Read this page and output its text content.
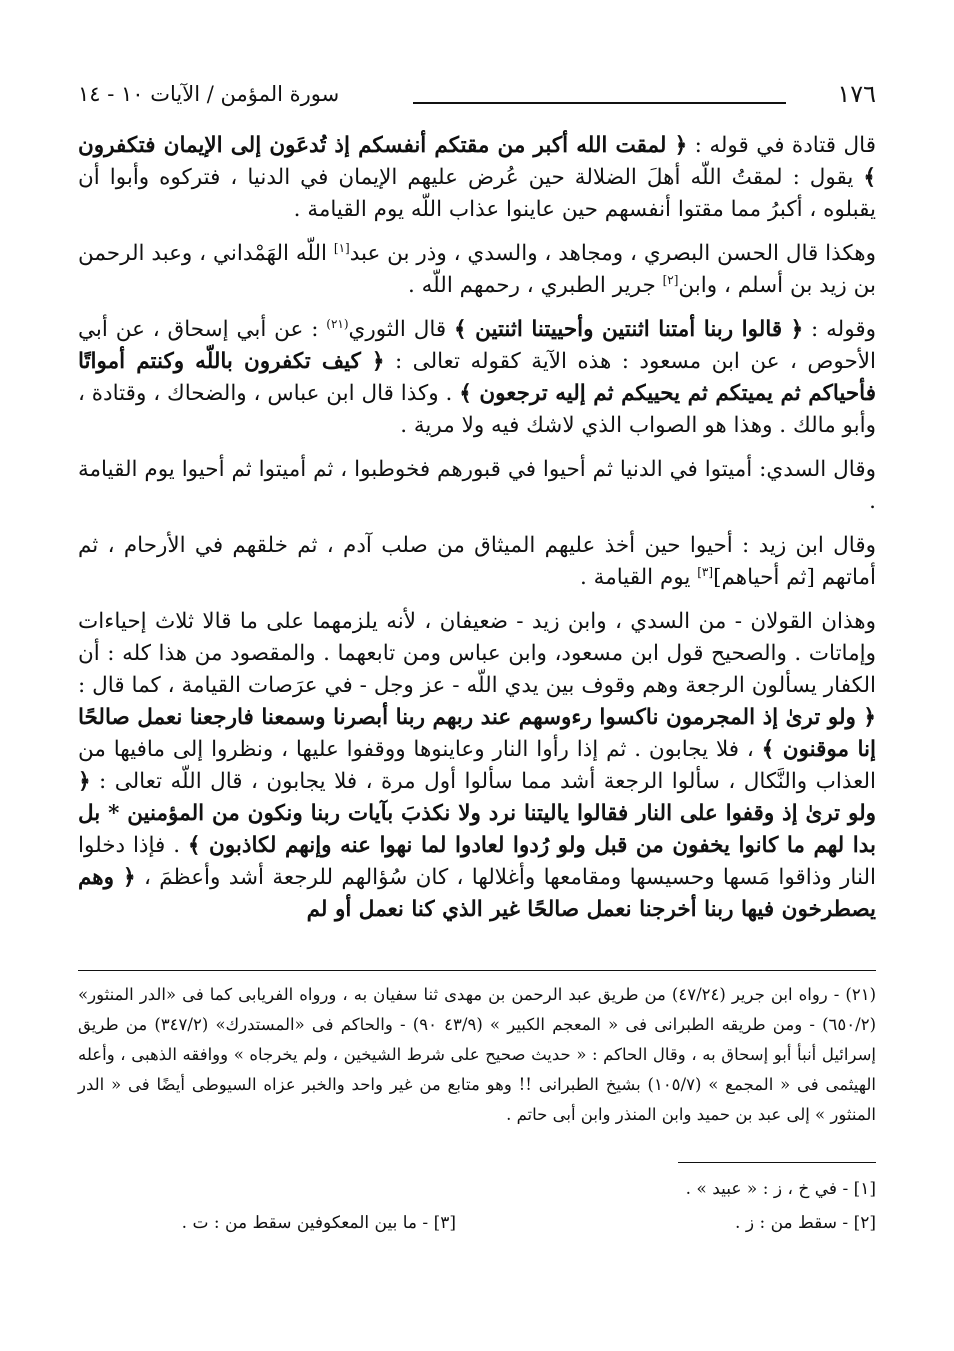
١٧٦
سورة المؤمن / الآيات ١٠ - ١٤

قال قتادة في قوله : ﴿ لمقت الله أكبر من مقتكم أنفسكم إذ تُدعَون إلى الإيمان فتكفرون ﴾ يقول : لمقتُ اللّه أهلَ الضلالة حين عُرض عليهم الإيمان في الدنيا ، فتركوه وأبوا أن يقبلوه ، أكبرُ مما مقتوا أنفسهم حين عاينوا عذاب اللّه يوم القيامة .

وهكذا قال الحسن البصري ، ومجاهد ، والسدي ، وذر بن عبد[١] اللّه الهَمْداني ، وعبد الرحمن بن زيد بن أسلم ، وابن[٢] جرير الطبري ، رحمهم اللّه .

وقوله : ﴿ قالوا ربنا أمتنا اثنتين وأحييتنا اثنتين ﴾ قال الثوري$^{(٢١)}$ : عن أبي إسحاق ، عن أبي الأحوص ، عن ابن مسعود : هذه الآية كقوله تعالى : ﴿ كيف تكفرون باللّه وكنتم أمواتًا فأحياكم ثم يميتكم ثم يحييكم ثم إليه ترجعون ﴾ . وكذا قال ابن عباس ، والضحاك ، وقتادة ، وأبو مالك . وهذا هو الصواب الذي لاشك فيه ولا مرية .

وقال السدي: أميتوا في الدنيا ثم أحيوا في قبورهم فخوطبوا ، ثم أميتوا ثم أحيوا يوم القيامة .

وقال ابن زيد : أحيوا حين أخذ عليهم الميثاق من صلب آدم ، ثم خلقهم في الأرحام ، ثم أماتهم [ثم أحياهم][٣] يوم القيامة .

وهذان القولان - من السدي ، وابن زيد - ضعيفان ، لأنه يلزمهما على ما قالا ثلاث إحياءات وإماتات . والصحيح قول ابن مسعود، وابن عباس ومن تابعهما . والمقصود من هذا كله : أن الكفار يسألون الرجعة وهم وقوف بين يدي اللّه - عز وجل - في عرَصات القيامة ، كما قال : ﴿ ولو ترىٰ إذ المجرمون ناكسوا رءوسهم عند ربهم ربنا أبصرنا وسمعنا فارجعنا نعمل صالحًا إنا موقنون ﴾ ، فلا يجابون . ثم إذا رأوا النار وعاينوها ووقفوا عليها ، ونظروا إلى مافيها من العذاب والنَّكال ، سألوا الرجعة أشد مما سألوا أول مرة ، فلا يجابون ، قال اللّه تعالى : ﴿ ولو ترىٰ إذ وقفوا على النار فقالوا ياليتنا نرد ولا نكذبَ بآيات ربنا ونكون من المؤمنين * بل بدا لهم ما كانوا يخفون من قبل ولو رُدوا لعادوا لما نهوا عنه وإنهم لكاذبون ﴾ . فإذا دخلوا النار وذاقوا مَسها وحسيسها ومقامعها وأغلالها ، كان سُؤالهم للرجعة أشد وأعظمَ ، ﴿ وهم يصطرخون فيها ربنا أخرجنا نعمل صالحًا غير الذي كنا نعمل أو لم

(٢١) - رواه ابن جرير (٤٧/٢٤) من طريق عبد الرحمن بن مهدى ثنا سفيان به ، ورواه الفريابى كما فى «الدر المنثور» (٦٥٠/٢) - ومن طريقه الطبرانى فى « المعجم الكبير » (٤٣/٩ ٩٠) - والحاكم فى «المستدرك» (٣٤٧/٢) من طريق إسرائيل أنبأ أبو إسحاق به ، وقال الحاكم : « حديث صحيح على شرط الشيخين ، ولم يخرجاه » ووافقه الذهبى ، وأعله الهيثمى فى « المجمع » (١٠٥/٧) بشيخ الطبرانى !! وهو متابع من غير واحد والخبر عزاه السيوطى أيضًا فى « الدر المنثور » إلى عبد بن حميد وابن المنذر وابن أبى حاتم .
[١] - في خ ، ز : « عبيد » .
[٢] - سقط من : ز .
[٣] - ما بين المعكوفين سقط من : ت .
